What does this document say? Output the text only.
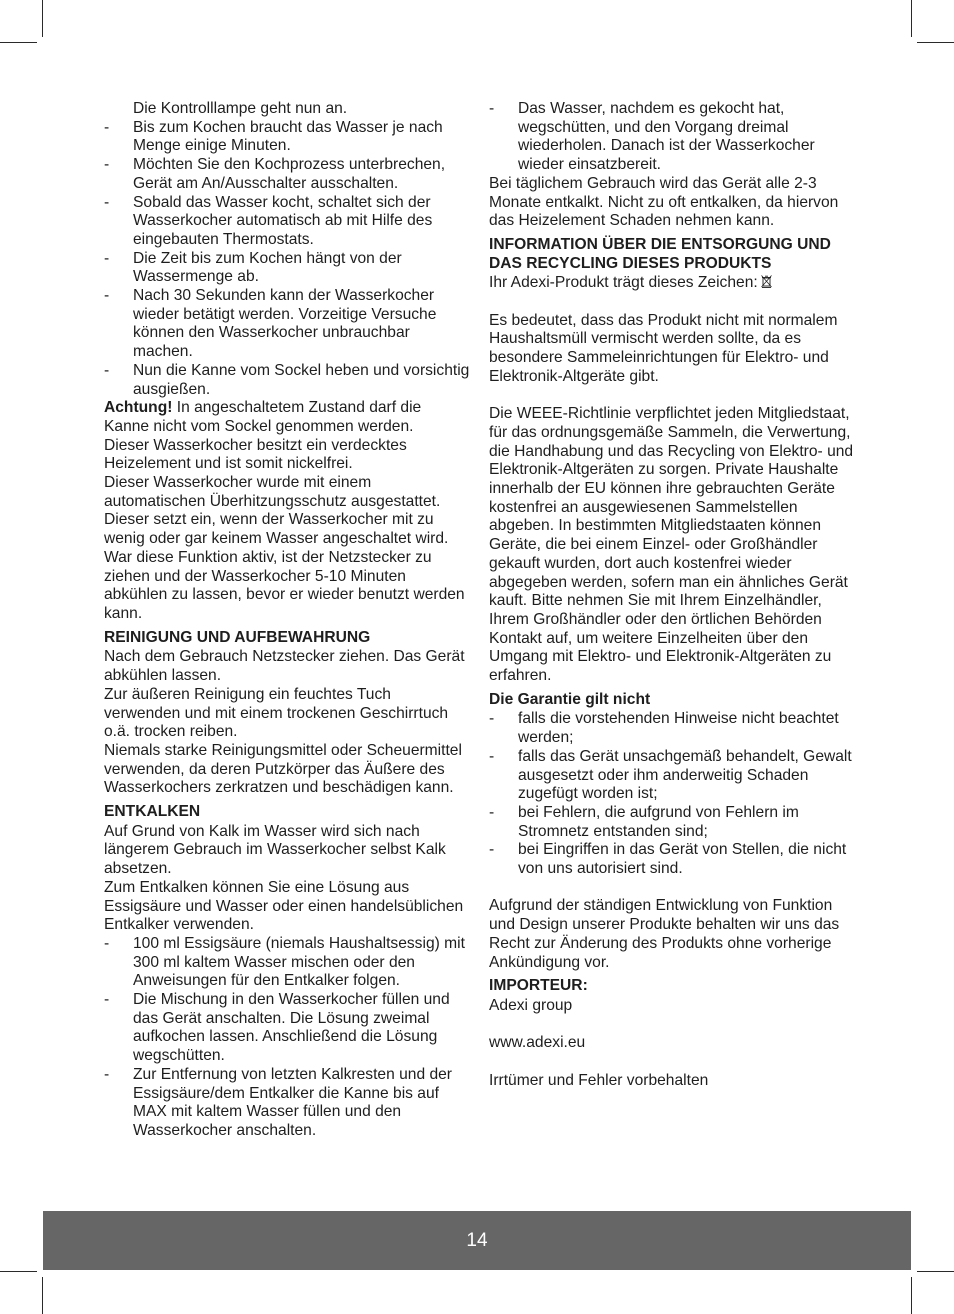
Die Kontrolllampe geht nun an.

- Bis zum Kochen braucht das Wasser je nach Menge einige Minuten.

- Möchten Sie den Kochprozess unterbrechen, Gerät am An/Ausschalter ausschalten.

- Sobald das Wasser kocht, schaltet sich der Wasserkocher automatisch ab mit Hilfe des eingebauten Thermostats.

- Die Zeit bis zum Kochen hängt von der Wassermenge ab.

- Nach 30 Sekunden kann der Wasserkocher wieder betätigt werden. Vorzeitige Versuche können den Wasserkocher unbrauchbar machen.

- Nun die Kanne vom Sockel heben und vorsichtig ausgießen.

Achtung! In angeschaltetem Zustand darf die Kanne nicht vom Sockel genommen werden.

Dieser Wasserkocher besitzt ein verdecktes Heizelement und ist somit nickelfrei.

Dieser Wasserkocher wurde mit einem automatischen Überhitzungsschutz ausgestattet. Dieser setzt ein, wenn der Wasserkocher mit zu wenig oder gar keinem Wasser angeschaltet wird. War diese Funktion aktiv, ist der Netzstecker zu ziehen und der Wasserkocher 5-10 Minuten abkühlen zu lassen, bevor er wieder benutzt werden kann.

REINIGUNG UND AUFBEWAHRUNG

Nach dem Gebrauch Netzstecker ziehen. Das Gerät abkühlen lassen.

Zur äußeren Reinigung ein feuchtes Tuch verwenden und mit einem trockenen Geschirrtuch o.ä. trocken reiben.

Niemals starke Reinigungsmittel oder Scheuermittel verwenden, da deren Putzkörper das Äußere des Wasserkochers zerkratzen und beschädigen kann.

ENTKALKEN

Auf Grund von Kalk im Wasser wird sich nach längerem Gebrauch im Wasserkocher selbst Kalk absetzen.

Zum Entkalken können Sie eine Lösung aus Essigsäure und Wasser oder einen handelsüblichen Entkalker verwenden.

- 100 ml Essigsäure (niemals Haushaltsessig) mit 300 ml kaltem Wasser mischen oder den Anweisungen für den Entkalker folgen.

- Die Mischung in den Wasserkocher füllen und das Gerät anschalten. Die Lösung zweimal aufkochen lassen. Anschließend die Lösung wegschütten.

- Zur Entfernung von letzten Kalkresten und der Essigsäure/dem Entkalker die Kanne bis auf MAX mit kaltem Wasser füllen und den Wasserkocher anschalten.

- Das Wasser, nachdem es gekocht hat, wegschütten, und den Vorgang dreimal wiederholen. Danach ist der Wasserkocher wieder einsatzbereit.

Bei täglichem Gebrauch wird das Gerät alle 2-3 Monate entkalkt. Nicht zu oft entkalken, da hiervon das Heizelement Schaden nehmen kann.

INFORMATION ÜBER DIE ENTSORGUNG UND DAS RECYCLING DIESES PRODUKTS

Ihr Adexi-Produkt trägt dieses Zeichen:

Es bedeutet, dass das Produkt nicht mit normalem Haushaltsmüll vermischt werden sollte, da es besondere Sammeleinrichtungen für Elektro- und Elektronik-Altgeräte gibt.

Die WEEE-Richtlinie verpflichtet jeden Mitgliedstaat, für das ordnungsgemäße Sammeln, die Verwertung, die Handhabung und das Recycling von Elektro- und Elektronik-Altgeräten zu sorgen. Private Haushalte innerhalb der EU können ihre gebrauchten Geräte kostenfrei an ausgewiesenen Sammelstellen abgeben. In bestimmten Mitgliedstaaten können Geräte, die bei einem Einzel- oder Großhändler gekauft wurden, dort auch kostenfrei wieder abgegeben werden, sofern man ein ähnliches Gerät kauft. Bitte nehmen Sie mit Ihrem Einzelhändler, Ihrem Großhändler oder den örtlichen Behörden Kontakt auf, um weitere Einzelheiten über den Umgang mit Elektro- und Elektronik-Altgeräten zu erfahren.

Die Garantie gilt nicht

- falls die vorstehenden Hinweise nicht beachtet werden;

- falls das Gerät unsachgemäß behandelt, Gewalt ausgesetzt oder ihm anderweitig Schaden zugefügt worden ist;

- bei Fehlern, die aufgrund von Fehlern im Stromnetz entstanden sind;

- bei Eingriffen in das Gerät von Stellen, die nicht von uns autorisiert sind.

Aufgrund der ständigen Entwicklung von Funktion und Design unserer Produkte behalten wir uns das Recht zur Änderung des Produkts ohne vorherige Ankündigung vor.

IMPORTEUR:

Adexi group

www.adexi.eu

Irrtümer und Fehler vorbehalten

14
